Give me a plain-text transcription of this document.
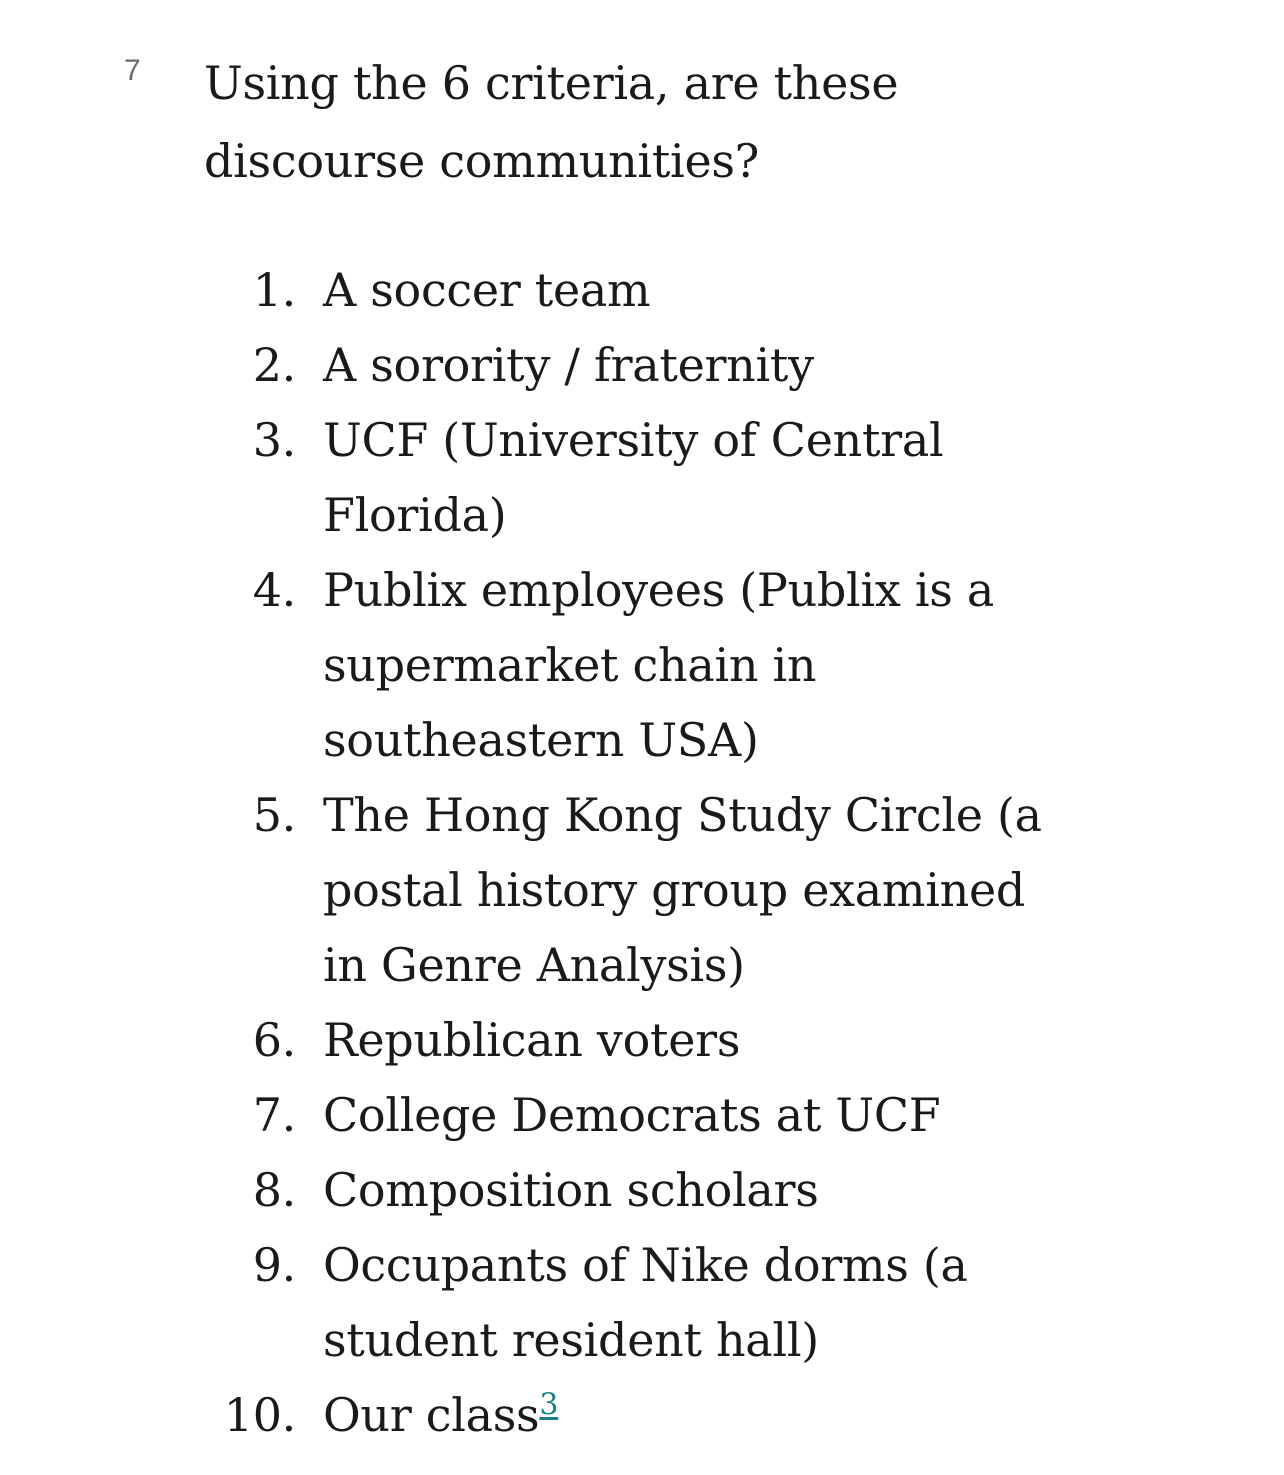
7 Using the 6 criteria, are these discourse communities?

1. A soccer team
2. A sorority / fraternity
3. UCF (University of Central Florida)
4. Publix employees (Publix is a supermarket chain in southeastern USA)
5. The Hong Kong Study Circle (a postal history group examined in Genre Analysis)
6. Republican voters
7. College Democrats at UCF
8. Composition scholars
9. Occupants of Nike dorms (a student resident hall)
10. Our class$^3$
